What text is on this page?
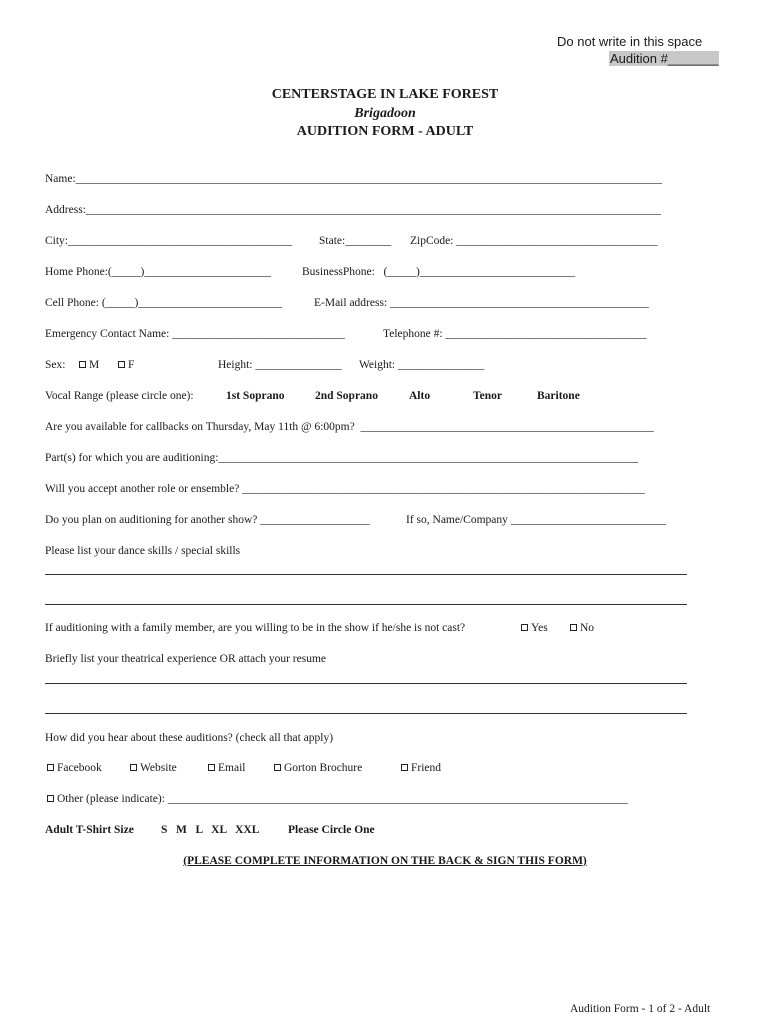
Do not write in this space
Audition #_______
CENTERSTAGE IN LAKE FOREST
Brigadoon
AUDITION FORM - ADULT
Name:______________________________________________________________________________________________________
Address:____________________________________________________________________________________________________
City:_______________________________________ State:________ ZipCode: ___________________________________
Home Phone:(_____)______________________	BusinessPhone:   (_____)___________________________
Cell Phone: (_____)_________________________	E-Mail address: _____________________________________________
Emergency Contact Name: ______________________________	Telephone #: ___________________________________
Sex:	M	F	Height: _______________ Weight: _______________
Vocal Range (please circle one):	1st Soprano	2nd Soprano	Alto	Tenor	Baritone
Are you available for callbacks on Thursday, May 11th @ 6:00pm?  ___________________________________________________
Part(s) for which you are auditioning:_________________________________________________________________________
Will you accept another role or ensemble? ______________________________________________________________________
Do you plan on auditioning for another show? ___________________	If so, Name/Company ___________________________
Please list your dance skills / special skills
If auditioning with a family member, are you willing to be in the show if he/she is not cast?	Yes	No
Briefly list your theatrical experience OR attach your resume
How did you hear about these auditions? (check all that apply)
Facebook	Website	Email	Gorton Brochure	Friend
Other (please indicate): ________________________________________________________________________________
Adult T-Shirt Size S   M   L   XL   XXL Please Circle One
(PLEASE COMPLETE INFORMATION ON THE BACK & SIGN THIS FORM)
Audition Form - 1 of 2 - Adult
